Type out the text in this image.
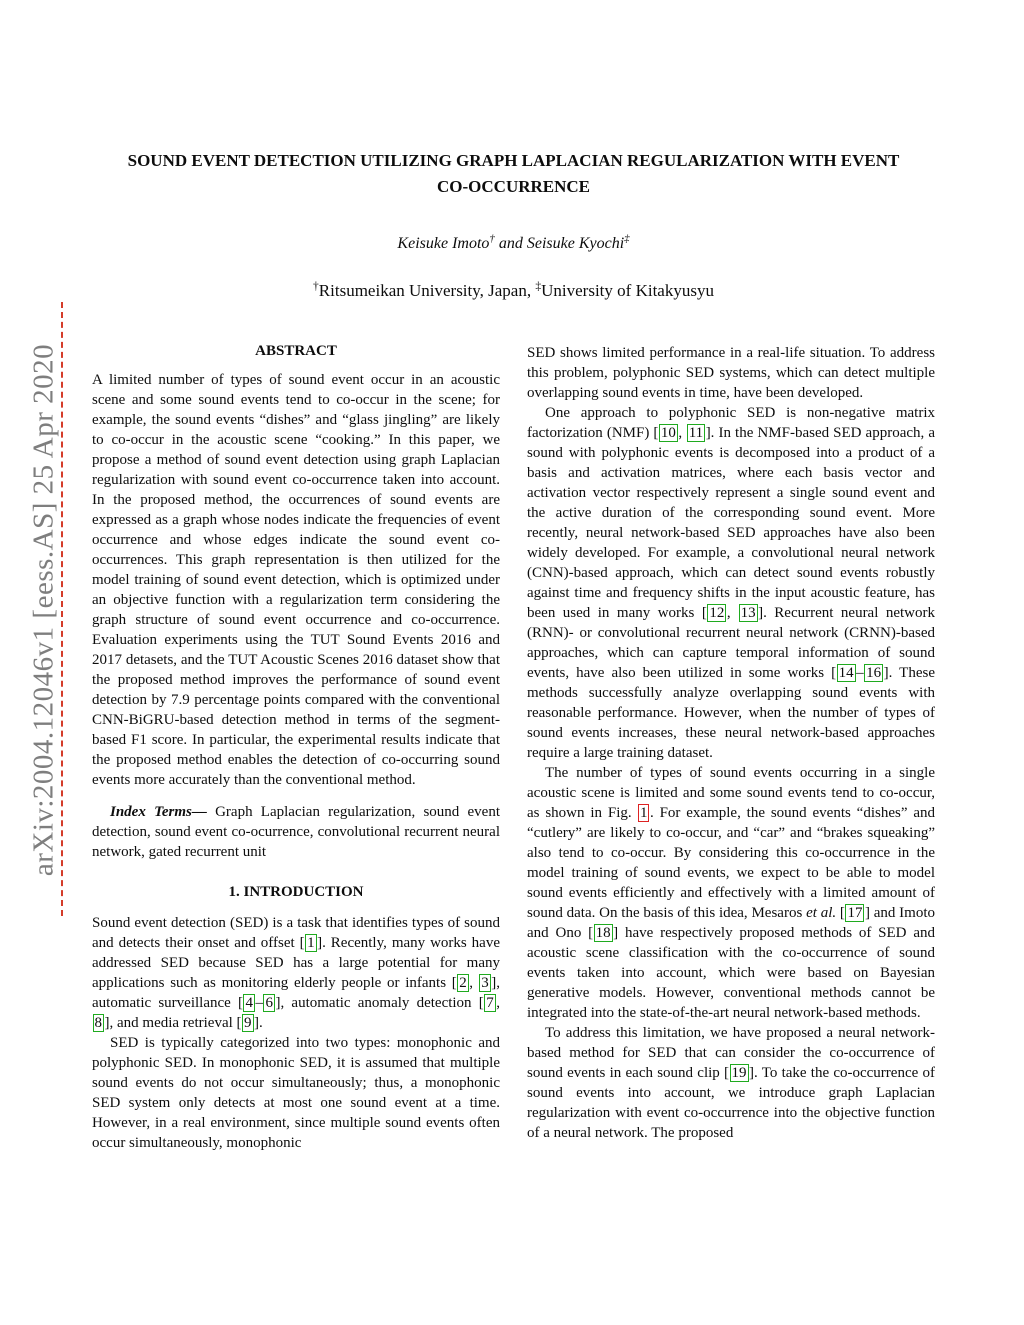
arXiv:2004.12046v1 [eess.AS] 25 Apr 2020
SOUND EVENT DETECTION UTILIZING GRAPH LAPLACIAN REGULARIZATION WITH EVENT CO-OCCURRENCE
Keisuke Imoto† and Seisuke Kyochi‡
†Ritsumeikan University, Japan, ‡University of Kitakyusyu
ABSTRACT

A limited number of types of sound event occur in an acoustic scene and some sound events tend to co-occur in the scene; for example, the sound events “dishes” and “glass jingling” are likely to co-occur in the acoustic scene “cooking.” In this paper, we propose a method of sound event detection using graph Laplacian regularization with sound event co-occurrence taken into account. In the proposed method, the occurrences of sound events are expressed as a graph whose nodes indicate the frequencies of event occurrence and whose edges indicate the sound event co-occurrences. This graph representation is then utilized for the model training of sound event detection, which is optimized under an objective function with a regularization term considering the graph structure of sound event occurrence and co-occurrence. Evaluation experiments using the TUT Sound Events 2016 and 2017 detasets, and the TUT Acoustic Scenes 2016 dataset show that the proposed method improves the performance of sound event detection by 7.9 percentage points compared with the conventional CNN-BiGRU-based detection method in terms of the segment-based F1 score. In particular, the experimental results indicate that the proposed method enables the detection of co-occurring sound events more accurately than the conventional method.

Index Terms— Graph Laplacian regularization, sound event detection, sound event co-ocurrence, convolutional recurrent neural network, gated recurrent unit

1. INTRODUCTION

Sound event detection (SED) is a task that identifies types of sound and detects their onset and offset [ 1 ]. Recently, many works have addressed SED because SED has a large potential for many applications such as monitoring elderly people or infants [ 2 , 3 ], automatic surveillance [ 4 – 6 ], automatic anomaly detection [ 7 , 8 ], and media retrieval [ 9 ].

SED is typically categorized into two types: monophonic and polyphonic SED. In monophonic SED, it is assumed that multiple sound events do not occur simultaneously; thus, a monophonic SED system only detects at most one sound event at a time. However, in a real environment, since multiple sound events often occur simultaneously, monophonic

SED shows limited performance in a real-life situation. To address this problem, polyphonic SED systems, which can detect multiple overlapping sound events in time, have been developed.

One approach to polyphonic SED is non-negative matrix factorization (NMF) [ 10 , 11 ]. In the NMF-based SED approach, a sound with polyphonic events is decomposed into a product of a basis and activation matrices, where each basis vector and activation vector respectively represent a single sound event and the active duration of the corresponding sound event. More recently, neural network-based SED approaches have also been widely developed. For example, a convolutional neural network (CNN)-based approach, which can detect sound events robustly against time and frequency shifts in the input acoustic feature, has been used in many works [ 12 , 13 ]. Recurrent neural network (RNN)- or convolutional recurrent neural network (CRNN)-based approaches, which can capture temporal information of sound events, have also been utilized in some works [ 14 – 16 ]. These methods successfully analyze overlapping sound events with reasonable performance. However, when the number of types of sound events increases, these neural network-based approaches require a large training dataset.

The number of types of sound events occurring in a single acoustic scene is limited and some sound events tend to co-occur, as shown in Fig. 1 . For example, the sound events “dishes” and “cutlery” are likely to co-occur, and “car” and “brakes squeaking” also tend to co-occur. By considering this co-occurrence in the model training of sound events, we expect to be able to model sound events efficiently and effectively with a limited amount of sound data. On the basis of this idea, Mesaros et al. [ 17 ] and Imoto and Ono [ 18 ] have respectively proposed methods of SED and acoustic scene classification with the co-occurrence of sound events taken into account, which were based on Bayesian generative models. However, conventional methods cannot be integrated into the state-of-the-art neural network-based methods.

To address this limitation, we have proposed a neural network-based method for SED that can consider the co-occurrence of sound events in each sound clip [ 19 ]. To take the co-occurrence of sound events into account, we introduce graph Laplacian regularization with event co-occurrence into the objective function of a neural network. The proposed
